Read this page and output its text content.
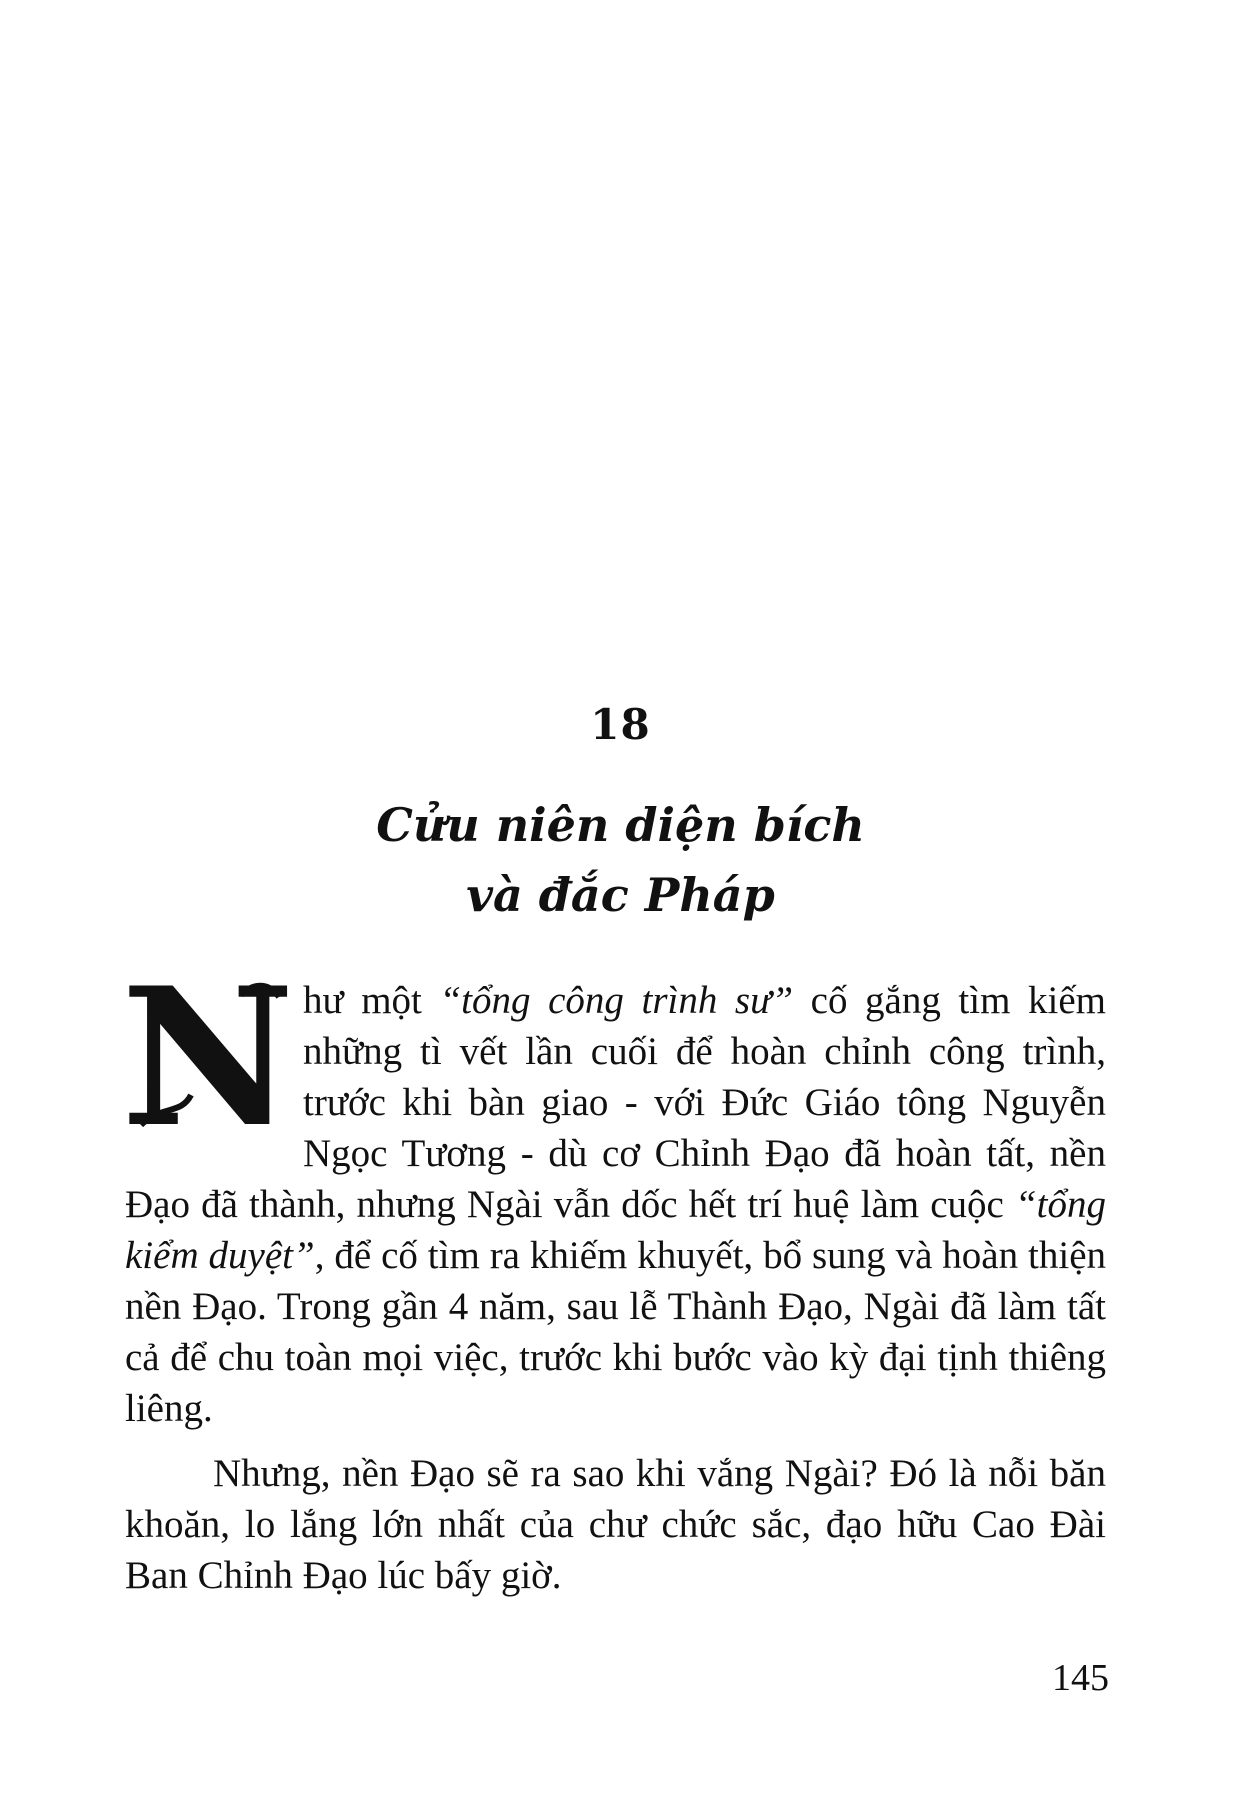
18
Cửu niên diện bích
và đắc Pháp

N hư một “tổng công trình sư” cố gắng tìm kiếm những tì vết lần cuối để hoàn chỉnh công trình, trước khi bàn giao - với Đức Giáo tông Nguyễn Ngọc Tương - dù cơ Chỉnh Đạo đã hoàn tất, nền Đạo đã thành, nhưng Ngài vẫn dốc hết trí huệ làm cuộc “tổng kiểm duyệt”, để cố tìm ra khiếm khuyết, bổ sung và hoàn thiện nền Đạo. Trong gần 4 năm, sau lễ Thành Đạo, Ngài đã làm tất cả để chu toàn mọi việc, trước khi bước vào kỳ đại tịnh thiêng liêng.

Nhưng, nền Đạo sẽ ra sao khi vắng Ngài? Đó là nỗi băn khoăn, lo lắng lớn nhất của chư chức sắc, đạo hữu Cao Đài Ban Chỉnh Đạo lúc bấy giờ.

145
